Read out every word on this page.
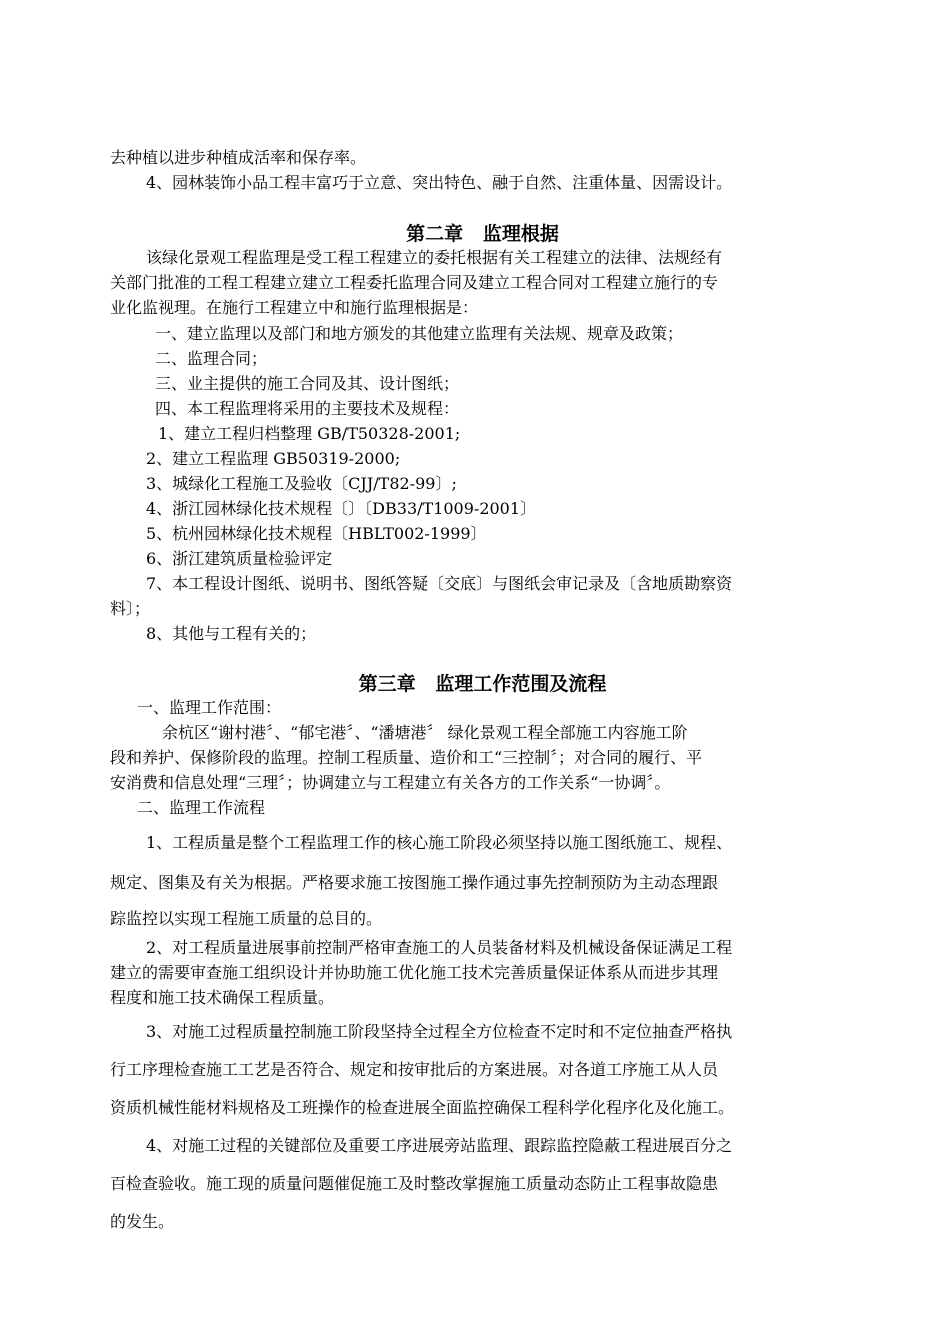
去种植以进步种植成活率和保存率。
4、园林装饰小品工程丰富巧于立意、突出特色、融于自然、注重体量、因需设计。
第二章   监理根据
该绿化景观工程监理是受工程工程建立的委托根据有关工程建立的法律、法规经有
关部门批准的工程工程建立建立工程委托监理合同及建立工程合同对工程建立施行的专
业化监视理。在施行工程建立中和施行监理根据是：
一、建立监理以及部门和地方颁发的其他建立监理有关法规、规章及政策；
二、监理合同；
三、业主提供的施工合同及其、设计图纸；
四、本工程监理将采用的主要技术及规程：
1、建立工程归档整理 GB/T50328-2001;
2、建立工程监理 GB50319-2000;
3、城绿化工程施工及验收〔CJJ/T82-99〕;
4、浙江园林绿化技术规程〔〕〔DB33/T1009-2001〕
5、杭州园林绿化技术规程〔HBLT002-1999〕
6、浙江建筑质量检验评定
7、本工程设计图纸、说明书、图纸答疑〔交底〕与图纸会审记录及〔含地质勘察资
料〕；
8、其他与工程有关的；
第三章   监理工作范围及流程
一、监理工作范围：
余杭区“谢村港〞、“郁宅港〞、“潘塘港〞 绿化景观工程全部施工内容施工阶
段和养护、保修阶段的监理。控制工程质量、造价和工“三控制〞；对合同的履行、平
安消费和信息处理“三理〞；协调建立与工程建立有关各方的工作关系“一协调〞。
二、监理工作流程
1、工程质量是整个工程监理工作的核心施工阶段必须坚持以施工图纸施工、规程、
规定、图集及有关为根据。严格要求施工按图施工操作通过事先控制预防为主动态理跟
踪监控以实现工程施工质量的总目的。
2、对工程质量进展事前控制严格审查施工的人员装备材料及机械设备保证满足工程
建立的需要审查施工组织设计并协助施工优化施工技术完善质量保证体系从而进步其理
程度和施工技术确保工程质量。
3、对施工过程质量控制施工阶段坚持全过程全方位检查不定时和不定位抽查严格执
行工序理检查施工工艺是否符合、规定和按审批后的方案进展。对各道工序施工从人员
资质机械性能材料规格及工班操作的检查进展全面监控确保工程科学化程序化及化施工。
4、对施工过程的关键部位及重要工序进展旁站监理、跟踪监控隐蔽工程进展百分之
百检查验收。施工现的质量问题催促施工及时整改掌握施工质量动态防止工程事故隐患
的发生。
